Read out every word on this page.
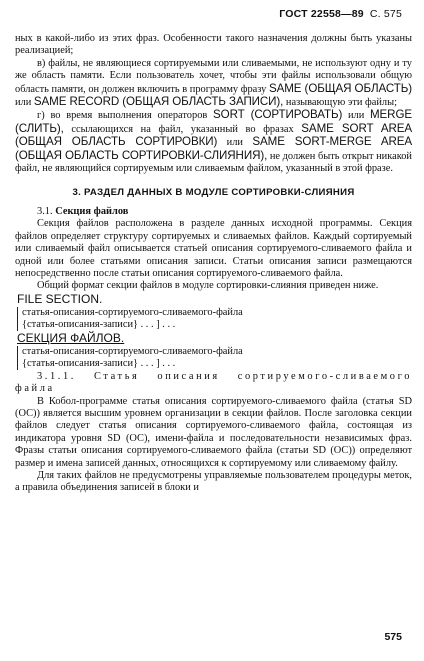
ГОСТ 22558—89 С. 575

ных в какой-либо из этих фраз. Особенности такого назначения должны быть указаны реализацией;

в) файлы, не являющиеся сортируемыми или сливаемыми, не используют одну и ту же область памяти. Если пользователь хочет, чтобы эти файлы использовали общую область памяти, он должен включить в программу фразу SAME (ОБЩАЯ ОБЛАСТЬ) или SAME RECORD (ОБЩАЯ ОБЛАСТЬ ЗАПИСИ), называющую эти файлы;

г) во время выполнения операторов SORT (СОРТИРОВАТЬ) или MERGE (СЛИТЬ), ссылающихся на файл, указанный во фразах SAME SORT AREA (ОБЩАЯ ОБЛАСТЬ СОРТИРОВКИ) или SAME SORT-MERGE AREA (ОБЩАЯ ОБЛАСТЬ СОРТИРОВКИ-СЛИЯНИЯ), не должен быть открыт никакой файл, не являющийся сортируемым или сливаемым файлом, указанный в этой фразе.

3. РАЗДЕЛ ДАННЫХ В МОДУЛЕ СОРТИРОВКИ-СЛИЯНИЯ

3.1. Секция файлов

Секция файлов расположена в разделе данных исходной программы. Секция файлов определяет структуру сортируемых и сливаемых файлов. Каждый сортируемый или сливаемый файл описывается статьей описания сортируемого-сливаемого файла и одной или более статьями описания записи. Статьи описания записи размещаются непосредственно после статьи описания сортируемого-сливаемого файла.

Общий формат секции файлов в модуле сортировки-слияния приведен ниже.

FILE SECTION.
статья-описания-сортируемого-сливаемого-файла
{статья-описания-записи} . . . ] . . .
СЕКЦИЯ ФАЙЛОВ.
статья-описания-сортируемого-сливаемого-файла
{статья-описания-записи} . . . ] . . .

3.1.1. Статья описания сортируемого-сливаемого файла

В Кобол-программе статья описания сортируемого-сливаемого файла (статья SD (ОС)) является высшим уровнем организации в секции файлов. После заголовка секции файлов следует статья описания сортируемого-сливаемого файла, состоящая из индикатора уровня SD (ОС), имени-файла и последовательности независимых фраз. Фразы статьи описания сортируемого-сливаемого файла (статьи SD (ОС)) определяют размер и имена записей данных, относящихся к сортируемому или сливаемому файлу.

Для таких файлов не предусмотрены управляемые пользователем процедуры меток, а правила объединения записей в блоки и

575
